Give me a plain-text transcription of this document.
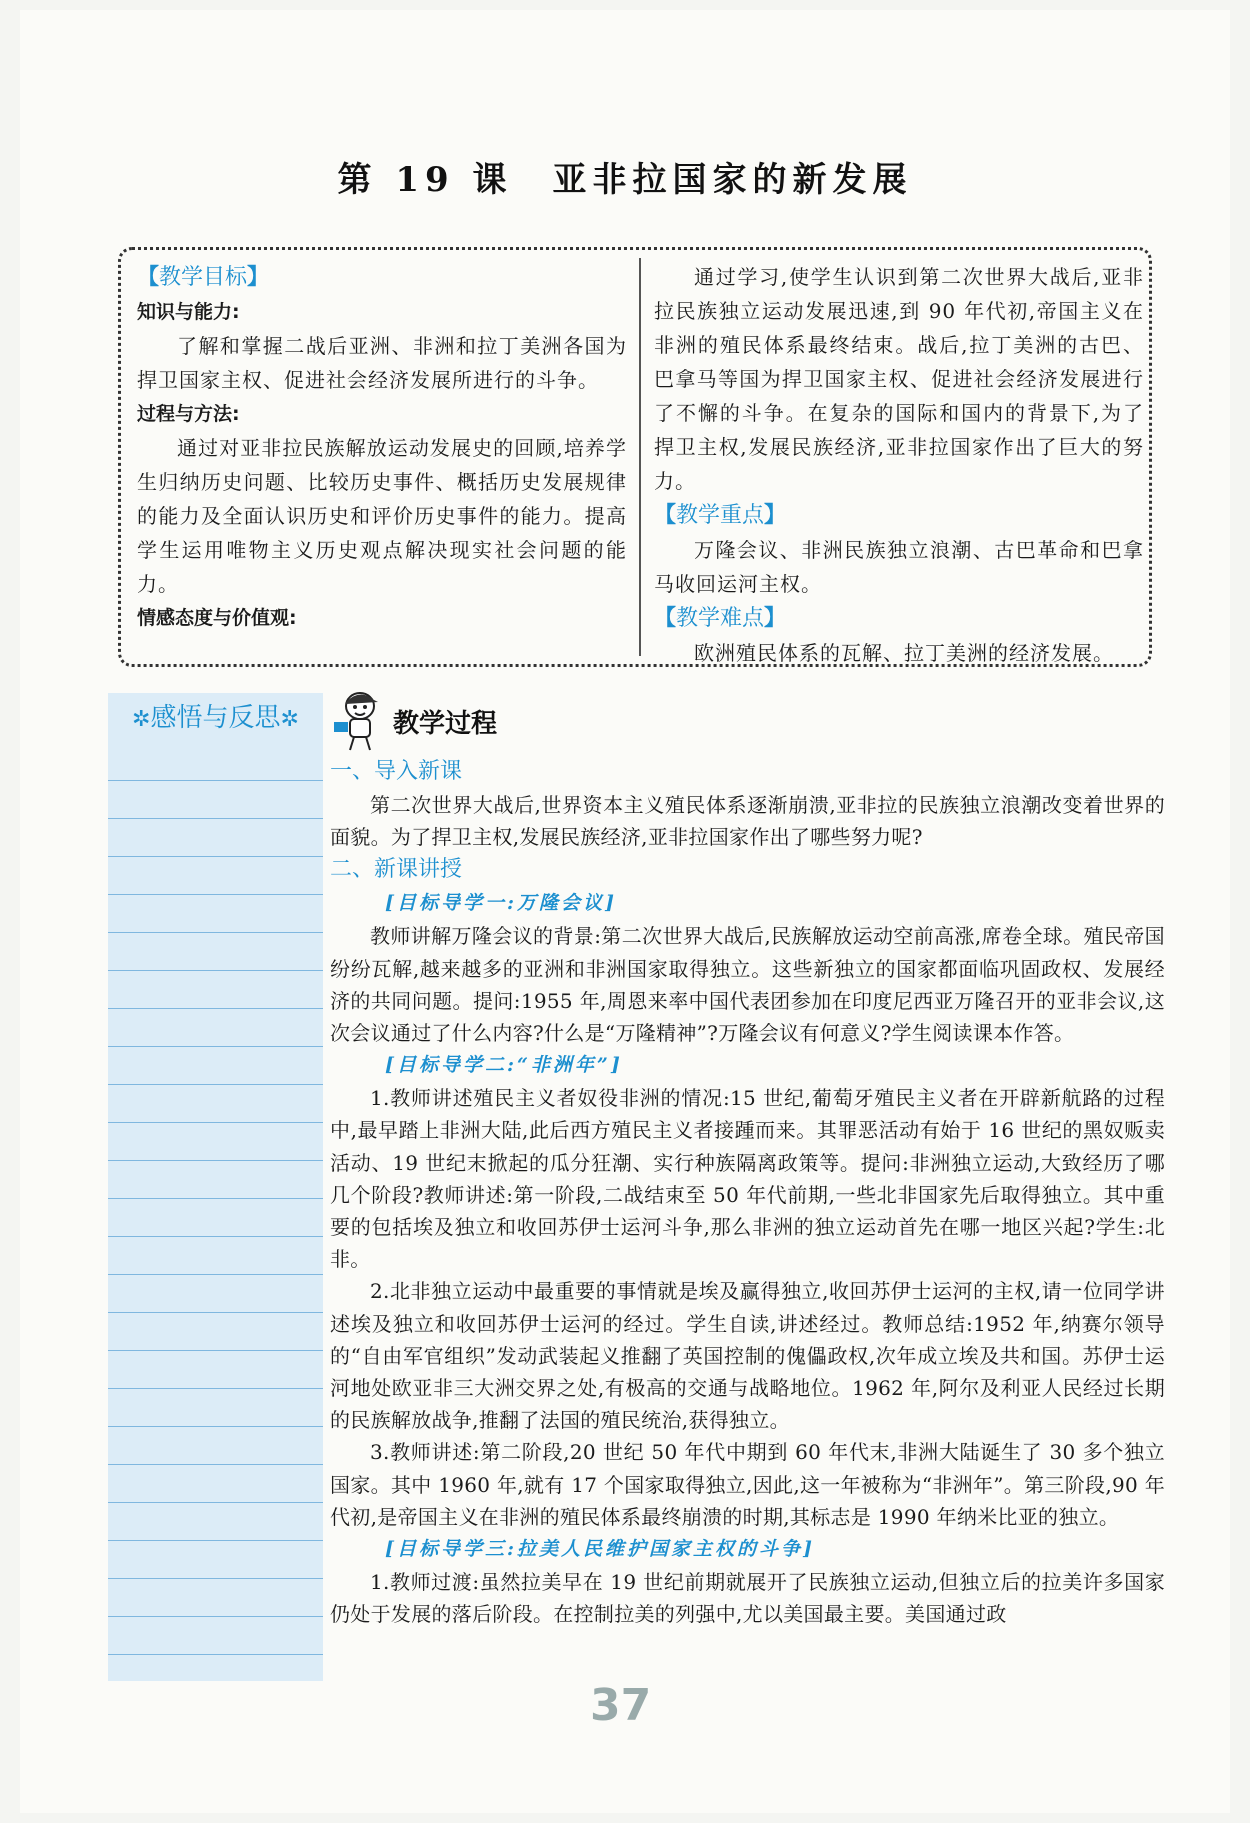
第 19 课 亚非拉国家的新发展
【教学目标】
知识与能力:
了解和掌握二战后亚洲、非洲和拉丁美洲各国为捍卫国家主权、促进社会经济发展所进行的斗争。
过程与方法:
通过对亚非拉民族解放运动发展史的回顾,培养学生归纳历史问题、比较历史事件、概括历史发展规律的能力及全面认识历史和评价历史事件的能力。提高学生运用唯物主义历史观点解决现实社会问题的能力。
情感态度与价值观:
通过学习,使学生认识到第二次世界大战后,亚非拉民族独立运动发展迅速,到 90 年代初,帝国主义在非洲的殖民体系最终结束。战后,拉丁美洲的古巴、巴拿马等国为捍卫国家主权、促进社会经济发展进行了不懈的斗争。在复杂的国际和国内的背景下,为了捍卫主权,发展民族经济,亚非拉国家作出了巨大的努力。
【教学重点】
万隆会议、非洲民族独立浪潮、古巴革命和巴拿马收回运河主权。
【教学难点】
欧洲殖民体系的瓦解、拉丁美洲的经济发展。
✲感悟与反思✲	教学过程
一、导入新课
第二次世界大战后,世界资本主义殖民体系逐渐崩溃,亚非拉的民族独立浪潮改变着世界的面貌。为了捍卫主权,发展民族经济,亚非拉国家作出了哪些努力呢?
二、新课讲授
[目标导学一:万隆会议]
教师讲解万隆会议的背景:第二次世界大战后,民族解放运动空前高涨,席卷全球。殖民帝国纷纷瓦解,越来越多的亚洲和非洲国家取得独立。这些新独立的国家都面临巩固政权、发展经济的共同问题。提问:1955 年,周恩来率中国代表团参加在印度尼西亚万隆召开的亚非会议,这次会议通过了什么内容?什么是“万隆精神”?万隆会议有何意义?学生阅读课本作答。
[目标导学二:“非洲年”]
1.教师讲述殖民主义者奴役非洲的情况:15 世纪,葡萄牙殖民主义者在开辟新航路的过程中,最早踏上非洲大陆,此后西方殖民主义者接踵而来。其罪恶活动有始于 16 世纪的黑奴贩卖活动、19 世纪末掀起的瓜分狂潮、实行种族隔离政策等。提问:非洲独立运动,大致经历了哪几个阶段?教师讲述:第一阶段,二战结束至 50 年代前期,一些北非国家先后取得独立。其中重要的包括埃及独立和收回苏伊士运河斗争,那么非洲的独立运动首先在哪一地区兴起?学生:北非。
2.北非独立运动中最重要的事情就是埃及赢得独立,收回苏伊士运河的主权,请一位同学讲述埃及独立和收回苏伊士运河的经过。学生自读,讲述经过。教师总结:1952 年,纳赛尔领导的“自由军官组织”发动武装起义推翻了英国控制的傀儡政权,次年成立埃及共和国。苏伊士运河地处欧亚非三大洲交界之处,有极高的交通与战略地位。1962 年,阿尔及利亚人民经过长期的民族解放战争,推翻了法国的殖民统治,获得独立。
3.教师讲述:第二阶段,20 世纪 50 年代中期到 60 年代末,非洲大陆诞生了 30 多个独立国家。其中 1960 年,就有 17 个国家取得独立,因此,这一年被称为“非洲年”。第三阶段,90 年代初,是帝国主义在非洲的殖民体系最终崩溃的时期,其标志是 1990 年纳米比亚的独立。
[目标导学三:拉美人民维护国家主权的斗争]
1.教师过渡:虽然拉美早在 19 世纪前期就展开了民族独立运动,但独立后的拉美许多国家仍处于发展的落后阶段。在控制拉美的列强中,尤以美国最主要。美国通过政
37
